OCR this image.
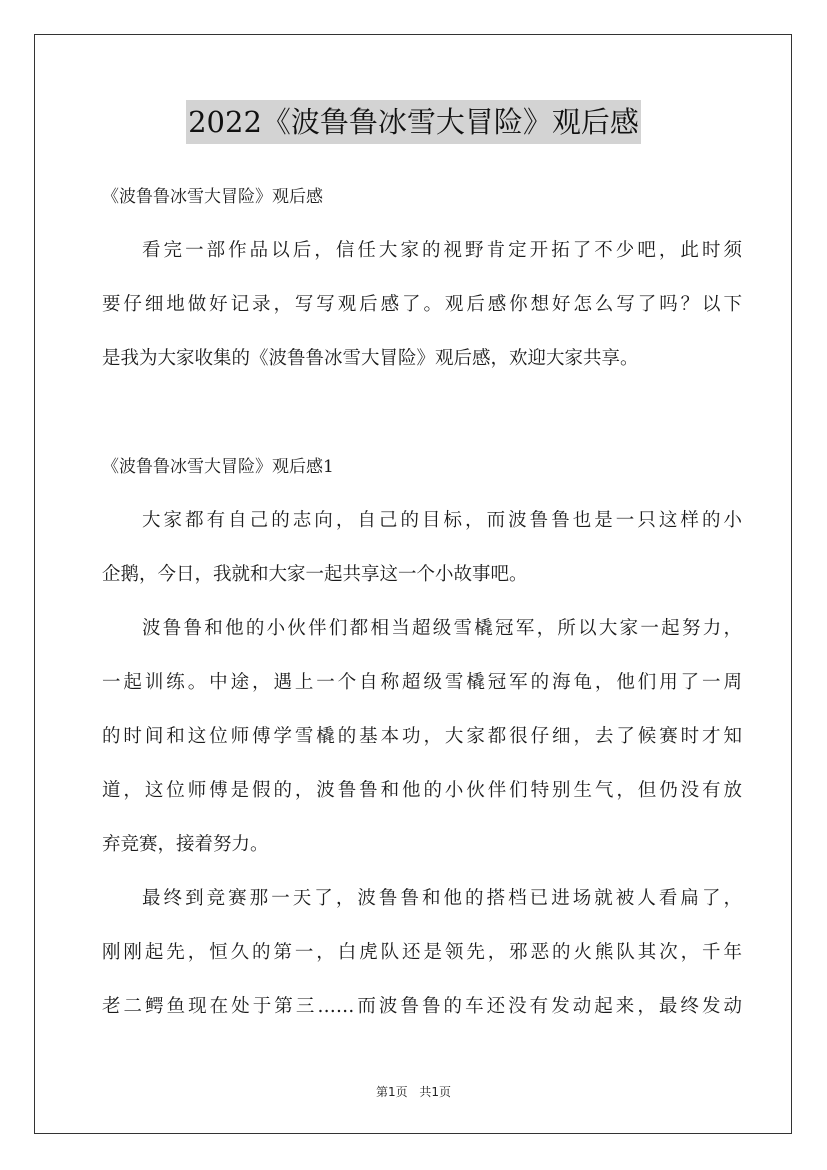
2022《波鲁鲁冰雪大冒险》观后感
《波鲁鲁冰雪大冒险》观后感
看完一部作品以后，信任大家的视野肯定开拓了不少吧，此时须
要仔细地做好记录，写写观后感了。观后感你想好怎么写了吗？以下
是我为大家收集的《波鲁鲁冰雪大冒险》观后感，欢迎大家共享。
《波鲁鲁冰雪大冒险》观后感1
大家都有自己的志向，自己的目标，而波鲁鲁也是一只这样的小
企鹅，今日，我就和大家一起共享这一个小故事吧。
波鲁鲁和他的小伙伴们都相当超级雪橇冠军，所以大家一起努力，
一起训练。中途，遇上一个自称超级雪橇冠军的海龟，他们用了一周
的时间和这位师傅学雪橇的基本功，大家都很仔细，去了候赛时才知
道，这位师傅是假的，波鲁鲁和他的小伙伴们特别生气，但仍没有放
弃竞赛，接着努力。
最终到竞赛那一天了，波鲁鲁和他的搭档已进场就被人看扁了，
刚刚起先，恒久的第一，白虎队还是领先，邪恶的火熊队其次，千年
老二鳄鱼现在处于第三……而波鲁鲁的车还没有发动起来，最终发动
第1页 共1页
